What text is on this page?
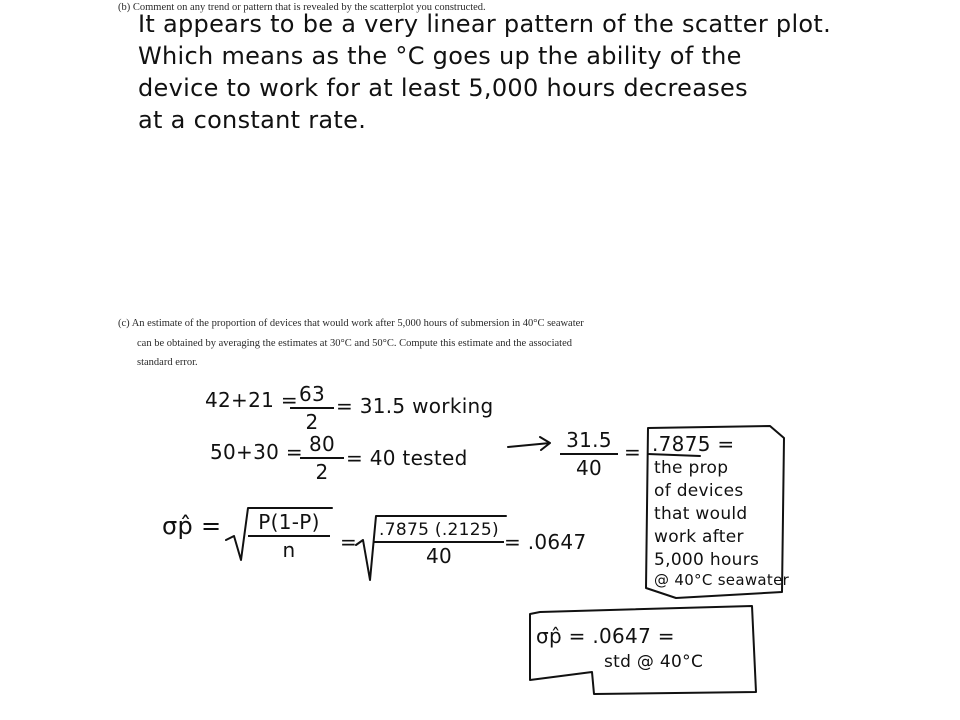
(b) Comment on any trend or pattern that is revealed by the scatterplot you constructed.
It appears to be a very linear pattern of the scatter plot.
Which means as the °C goes up the ability of the
device to work for at least 5,000 hours decreases
at a constant rate.
(c) An estimate of the proportion of devices that would work after 5,000 hours of submersion in 40°C seawater
can be obtained by averaging the estimates at 30°C and 50°C. Compute this estimate and the associated
standard error.
42+21 = 63
2
= 31.5 working
50+30 = 80
2
= 40 tested
31.5
40
= .7875 =
the prop
of devices
that would
work after
5,000 hours
@ 40°C seawater
σp̂ =	P(1-P)
n	= .7875 (.2125)
40
= .0647
σp̂ = .0647 =
std @ 40°C
